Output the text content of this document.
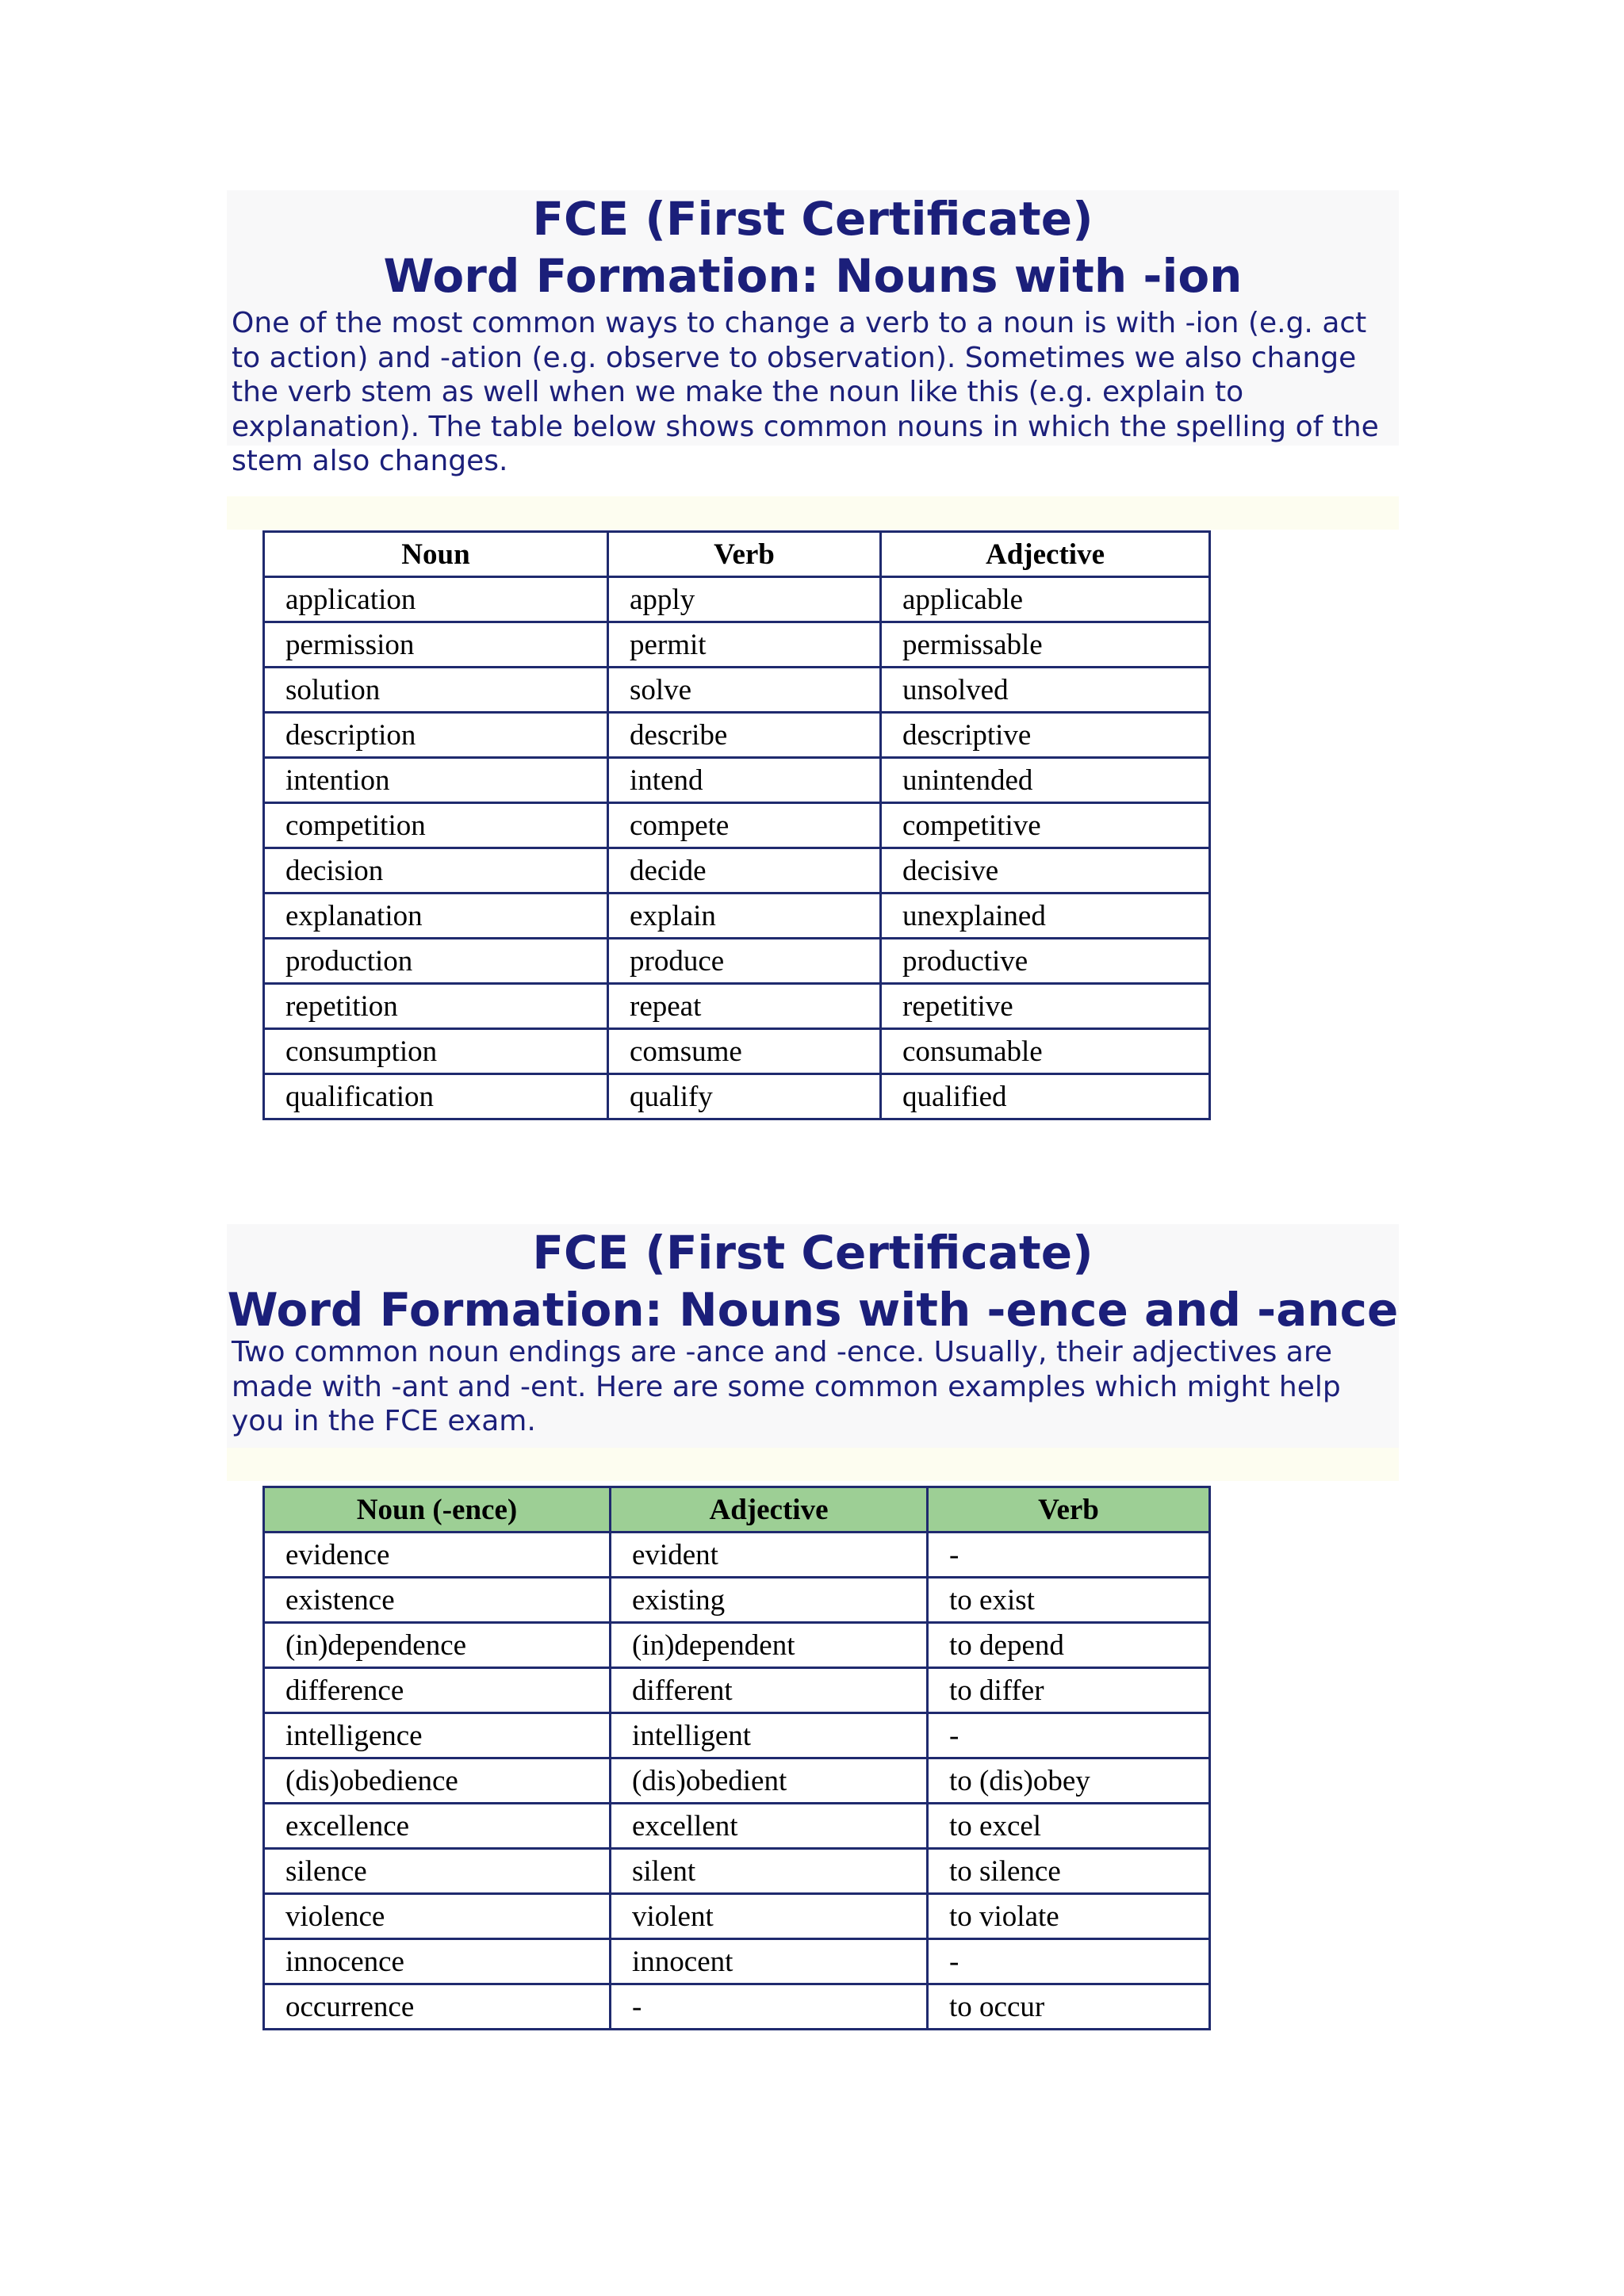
FCE (First Certificate)
Word Formation: Nouns with -ion

One of the most common ways to change a verb to a noun is with -ion (e.g. act to action) and -ation (e.g. observe to observation). Sometimes we also change the verb stem as well when we make the noun like this (e.g. explain to explanation). The table below shows common nouns in which the spelling of the stem also changes.

Noun	Verb	Adjective
application	apply	applicable
permission	permit	permissable
solution	solve	unsolved
description	describe	descriptive
intention	intend	unintended
competition	compete	competitive
decision	decide	decisive
explanation	explain	unexplained
production	produce	productive
repetition	repeat	repetitive
consumption	comsume	consumable
qualification	qualify	qualified
FCE (First Certificate)
Word Formation: Nouns with -ence and -ance

Two common noun endings are -ance and -ence. Usually, their adjectives are made with -ant and -ent. Here are some common examples which might help you in the FCE exam.

Noun (-ence)	Adjective	Verb
evidence	evident	-
existence	existing	to exist
(in)dependence	(in)dependent	to depend
difference	different	to differ
intelligence	intelligent	-
(dis)obedience	(dis)obedient	to (dis)obey
excellence	excellent	to excel
silence	silent	to silence
violence	violent	to violate
innocence	innocent	-
occurrence	-	to occur
